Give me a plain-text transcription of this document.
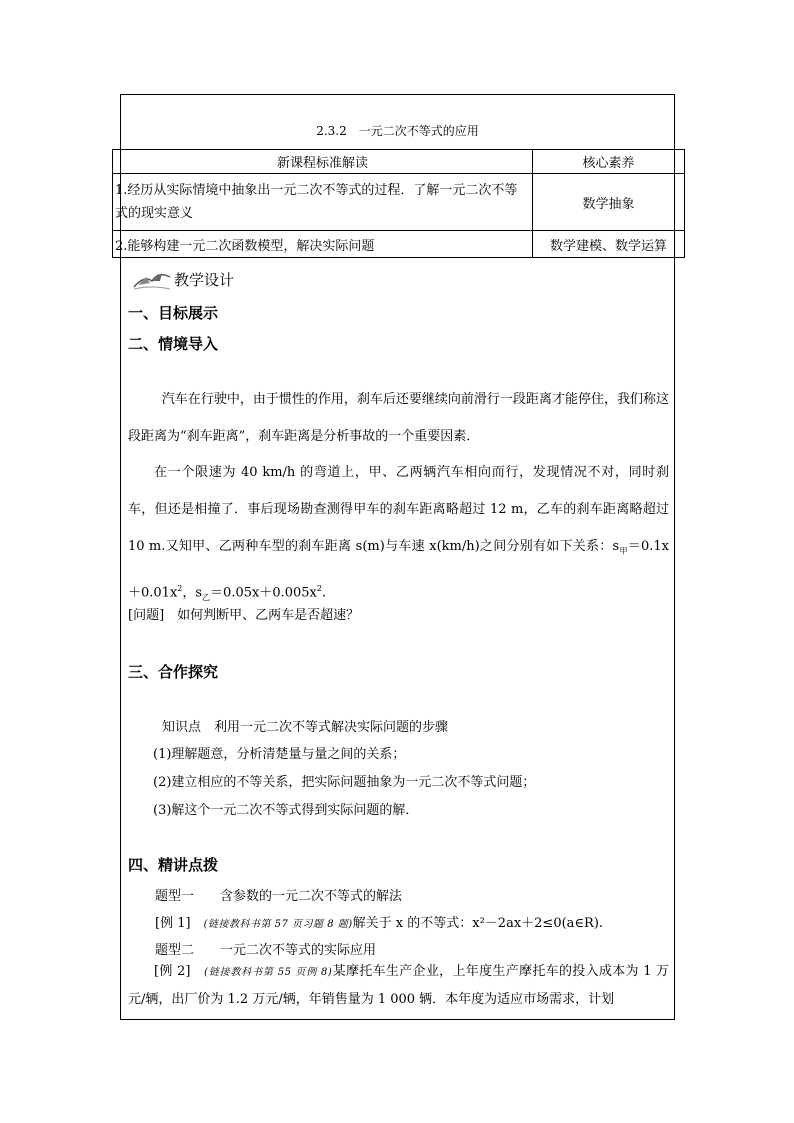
2.3.2　一元二次不等式的应用
新课程标准解读	核心素养
1.经历从实际情境中抽象出一元二次不等式的过程．了解一元二次不等式的现实意义	数学抽象
2.能够构建一元二次函数模型，解决实际问题	数学建模、数学运算
教学设计
一、目标展示
二、情境导入
汽车在行驶中，由于惯性的作用，刹车后还要继续向前滑行一段距离才能停住，我们称这段距离为“刹车距离”，刹车距离是分析事故的一个重要因素．
在一个限速为 40 km/h 的弯道上，甲、乙两辆汽车相向而行，发现情况不对，同时刹车，但还是相撞了．事后现场勘查测得甲车的刹车距离略超过 12 m，乙车的刹车距离略超过 10 m.又知甲、乙两种车型的刹车距离 s(m)与车速 x(km/h)之间分别有如下关系：$s_甲=0.1x+0.01x^2$，$s_乙=0.05x+0.005x^2$.
[问题]　如何判断甲、乙两车是否超速？
三、合作探究
知识点　利用一元二次不等式解决实际问题的步骤
(1)理解题意，分析清楚量与量之间的关系；
(2)建立相应的不等关系，把实际问题抽象为一元二次不等式问题；
(3)解这个一元二次不等式得到实际问题的解．
四、精讲点拨
题型一　　含参数的一元二次不等式的解法
[例 1]　(链接教科书第 57 页习题 8 题)解关于 x 的不等式：x²－2ax＋2≤0(a∈R).
题型二　　一元二次不等式的实际应用
[例 2]　(链接教科书第 55 页例 8)某摩托车生产企业，上年度生产摩托车的投入成本为 1 万元/辆，出厂价为 1.2 万元/辆，年销售量为 1 000 辆．本年度为适应市场需求，计划
